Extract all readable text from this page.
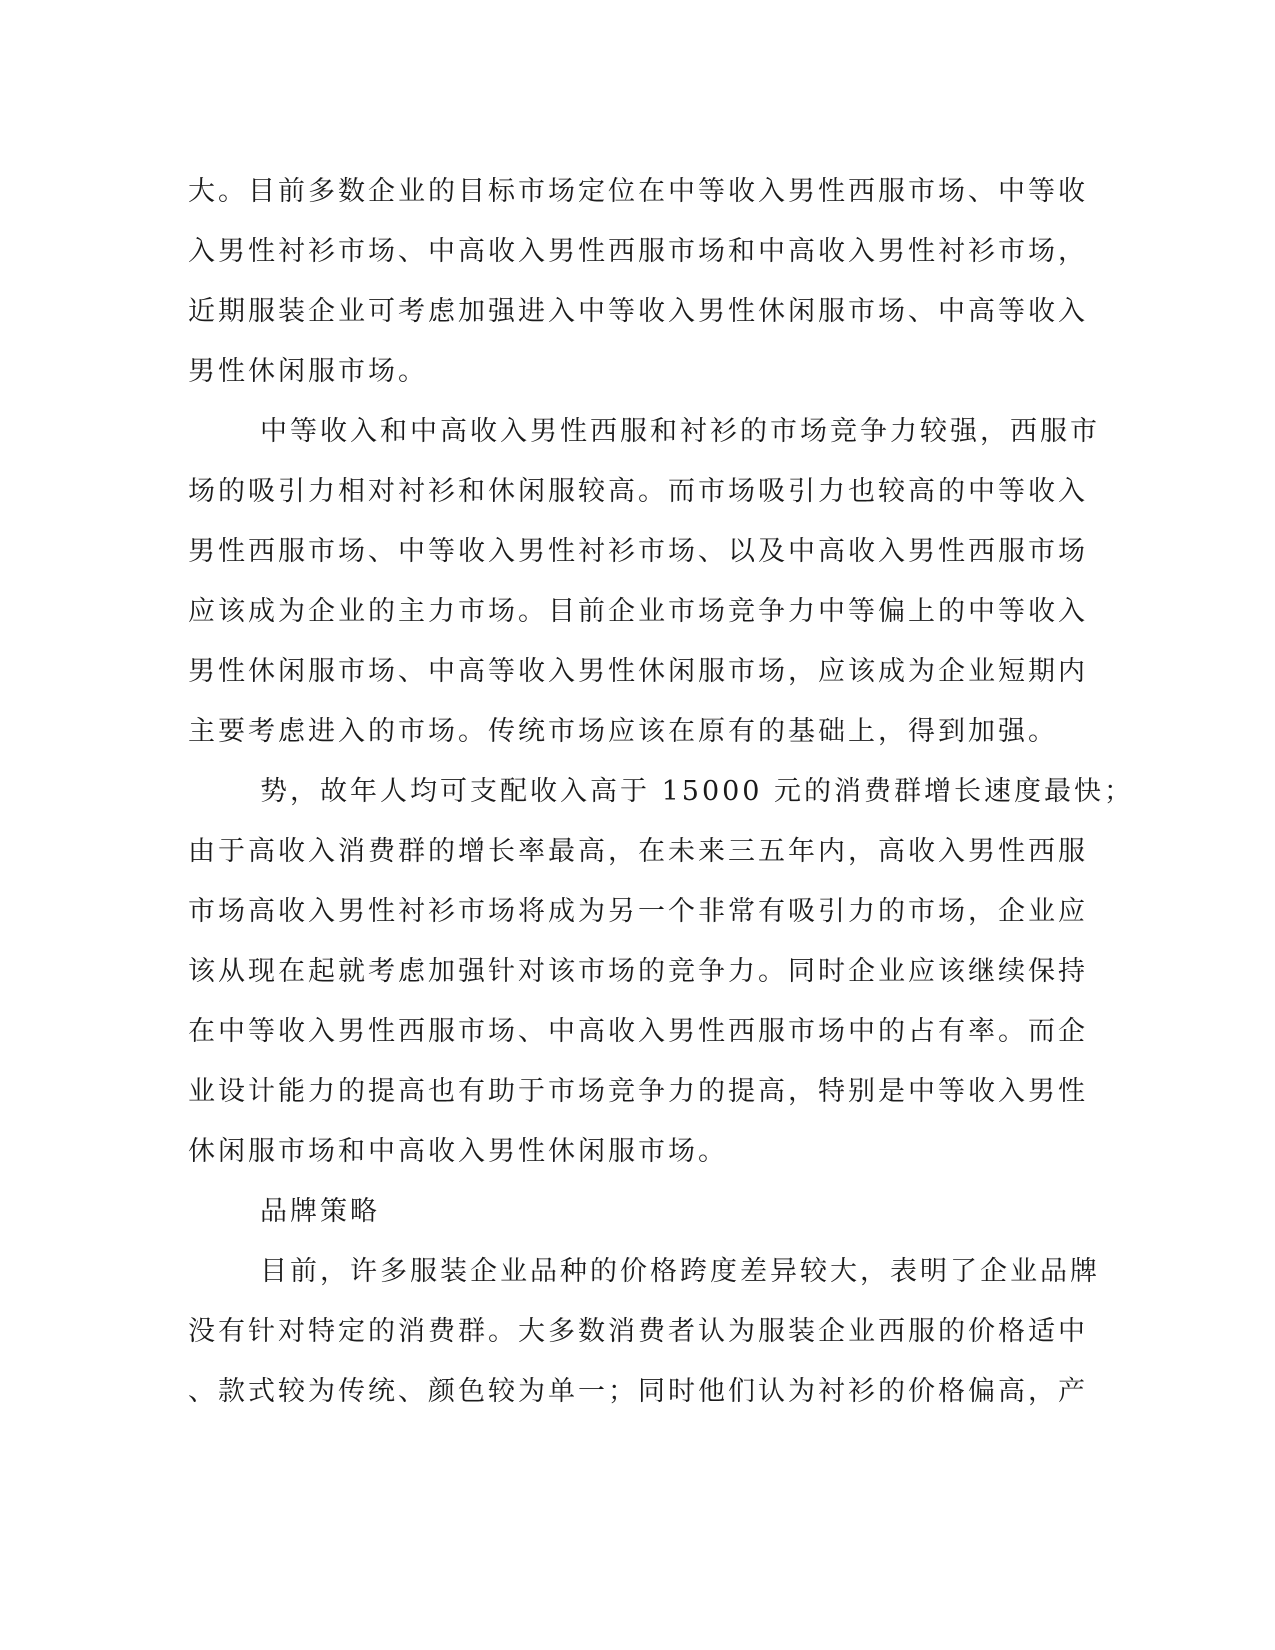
大。目前多数企业的目标市场定位在中等收入男性西服市场、中等收
入男性衬衫市场、中高收入男性西服市场和中高收入男性衬衫市场，
近期服装企业可考虑加强进入中等收入男性休闲服市场、中高等收入
男性休闲服市场。
中等收入和中高收入男性西服和衬衫的市场竞争力较强，西服市
场的吸引力相对衬衫和休闲服较高。而市场吸引力也较高的中等收入
男性西服市场、中等收入男性衬衫市场、以及中高收入男性西服市场
应该成为企业的主力市场。目前企业市场竞争力中等偏上的中等收入
男性休闲服市场、中高等收入男性休闲服市场，应该成为企业短期内
主要考虑进入的市场。传统市场应该在原有的基础上，得到加强。
势，故年人均可支配收入高于 15000 元的消费群增长速度最快；
由于高收入消费群的增长率最高，在未来三五年内，高收入男性西服
市场高收入男性衬衫市场将成为另一个非常有吸引力的市场，企业应
该从现在起就考虑加强针对该市场的竞争力。同时企业应该继续保持
在中等收入男性西服市场、中高收入男性西服市场中的占有率。而企
业设计能力的提高也有助于市场竞争力的提高，特别是中等收入男性
休闲服市场和中高收入男性休闲服市场。
品牌策略
目前，许多服装企业品种的价格跨度差异较大，表明了企业品牌
没有针对特定的消费群。大多数消费者认为服装企业西服的价格适中
、款式较为传统、颜色较为单一；同时他们认为衬衫的价格偏高，产
